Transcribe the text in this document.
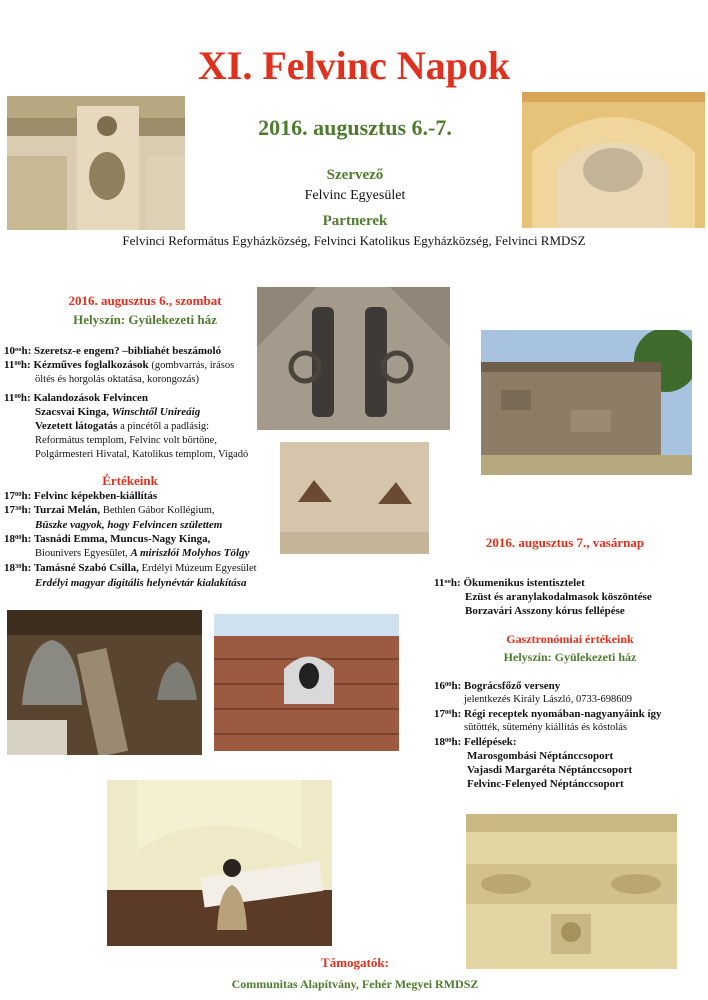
XI. Felvinc Napok
2016. augusztus 6.-7.
Szervező
Felvinc Egyesület
Partnerek
Felvinci Református Egyházközség, Felvinci Katolikus Egyházközség, Felvinci RMDSZ
2016. augusztus 6., szombat
Helyszín: Gyülekezeti ház
$10^{oo}h$: Szeretsz-e engem? –bibliahét beszámoló
$11^{00}h$: Kézműves foglalkozások (gombvarrás, írásos
öltés és horgolás oktatása, korongozás)
$11^{00}h$: Kalandozások Felvincen
Szacsvai Kinga, Winschtől Unireáig
Vezetett látogatás a pincétől a padlásig:
Református templom, Felvinc volt börtöne,
Polgármesteri Hivatal, Katolikus templom, Vigadó
Értékeink
$17^{00}h$: Felvinc képekben-kiállítás
$17^{30}h$: Turzai Melán, Bethlen Gábor Kollégium,
Büszke vagyok, hogy Felvincen születtem
$18^{00}h$: Tasnádi Emma, Muncus-Nagy Kinga,
Biounivers Egyesület, A miriszłói Molyhos Tölgy
$18^{30}h$: Tamásné Szabó Csilla, Erdélyi Múzeum Egyesület
Erdélyi magyar digitális helynévtár kialakítása
2016. augusztus 7., vasárnap
$11^{oo}h$: Ökumenikus istentisztelet
Ezüst és aranylakodalmasok köszöntése
Borzavári Asszony kórus fellépése
Gasztronómiai értékeink
Helyszín: Gyülekezeti ház
$16^{00}h$: Bográcsfőző verseny
jelentkezés Király László, 0733-698609
$17^{00}h$: Régi receptek nyomában-nagyanyáink így
sütötték, sütemény kiállítás és kóstolás
$18^{00}h$: Fellépések:
Marosgombási Néptánccsoport
Vajasdi Margaréta Néptánccsoport
Felvinc-Felenyed Néptánccsoport
Támogatók:
Communitas Alapítvány, Fehér Megyei RMDSZ
